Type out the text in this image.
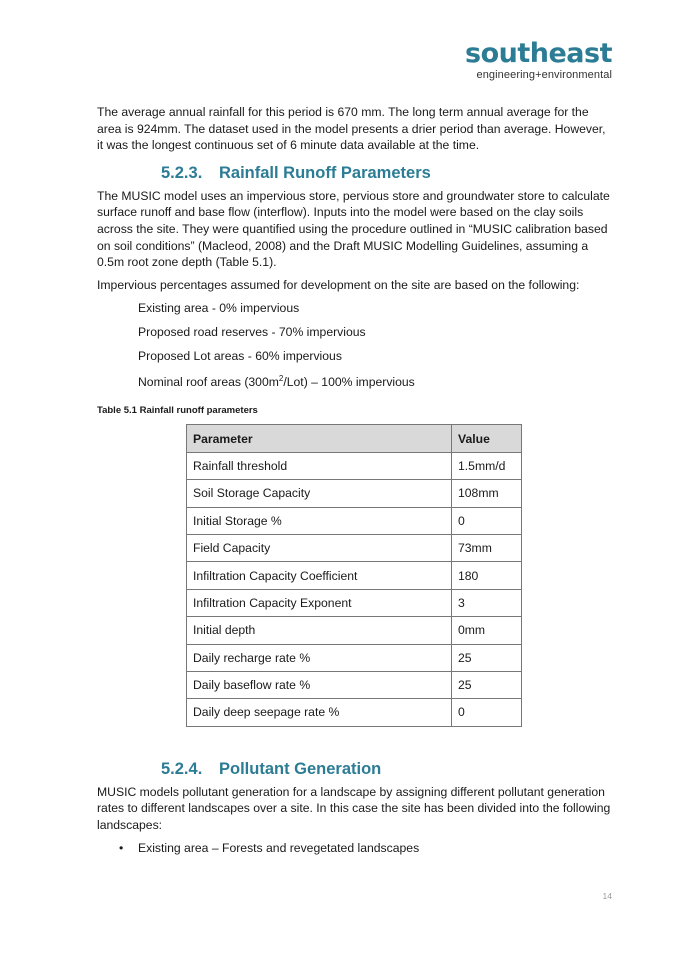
southeast
engineering+environmental

The average annual rainfall for this period is 670 mm. The long term annual average for the area is 924mm. The dataset used in the model presents a drier period than average. However, it was the longest continuous set of 6 minute data available at the time.

5.2.3. Rainfall Runoff Parameters

The MUSIC model uses an impervious store, pervious store and groundwater store to calculate surface runoff and base flow (interflow). Inputs into the model were based on the clay soils across the site. They were quantified using the procedure outlined in “MUSIC calibration based on soil conditions” (Macleod, 2008) and the Draft MUSIC Modelling Guidelines, assuming a 0.5m root zone depth (Table 5.1).

Impervious percentages assumed for development on the site are based on the following:

Existing area - 0% impervious

Proposed road reserves - 70% impervious

Proposed Lot areas - 60% impervious

Nominal roof areas $(300m^2/Lot) - 100\%$ impervious

Table 5.1 Rainfall runoff parameters

Parameter	Value
Rainfall threshold	1.5mm/d
Soil Storage Capacity	108mm
Initial Storage %	0
Field Capacity	73mm
Infiltration Capacity Coefficient	180
Infiltration Capacity Exponent	3
Initial depth	0mm
Daily recharge rate %	25
Daily baseflow rate %	25
Daily deep seepage rate %	0
5.2.4. Pollutant Generation

MUSIC models pollutant generation for a landscape by assigning different pollutant generation rates to different landscapes over a site. In this case the site has been divided into the following landscapes:

• Existing area – Forests and revegetated landscapes
14
